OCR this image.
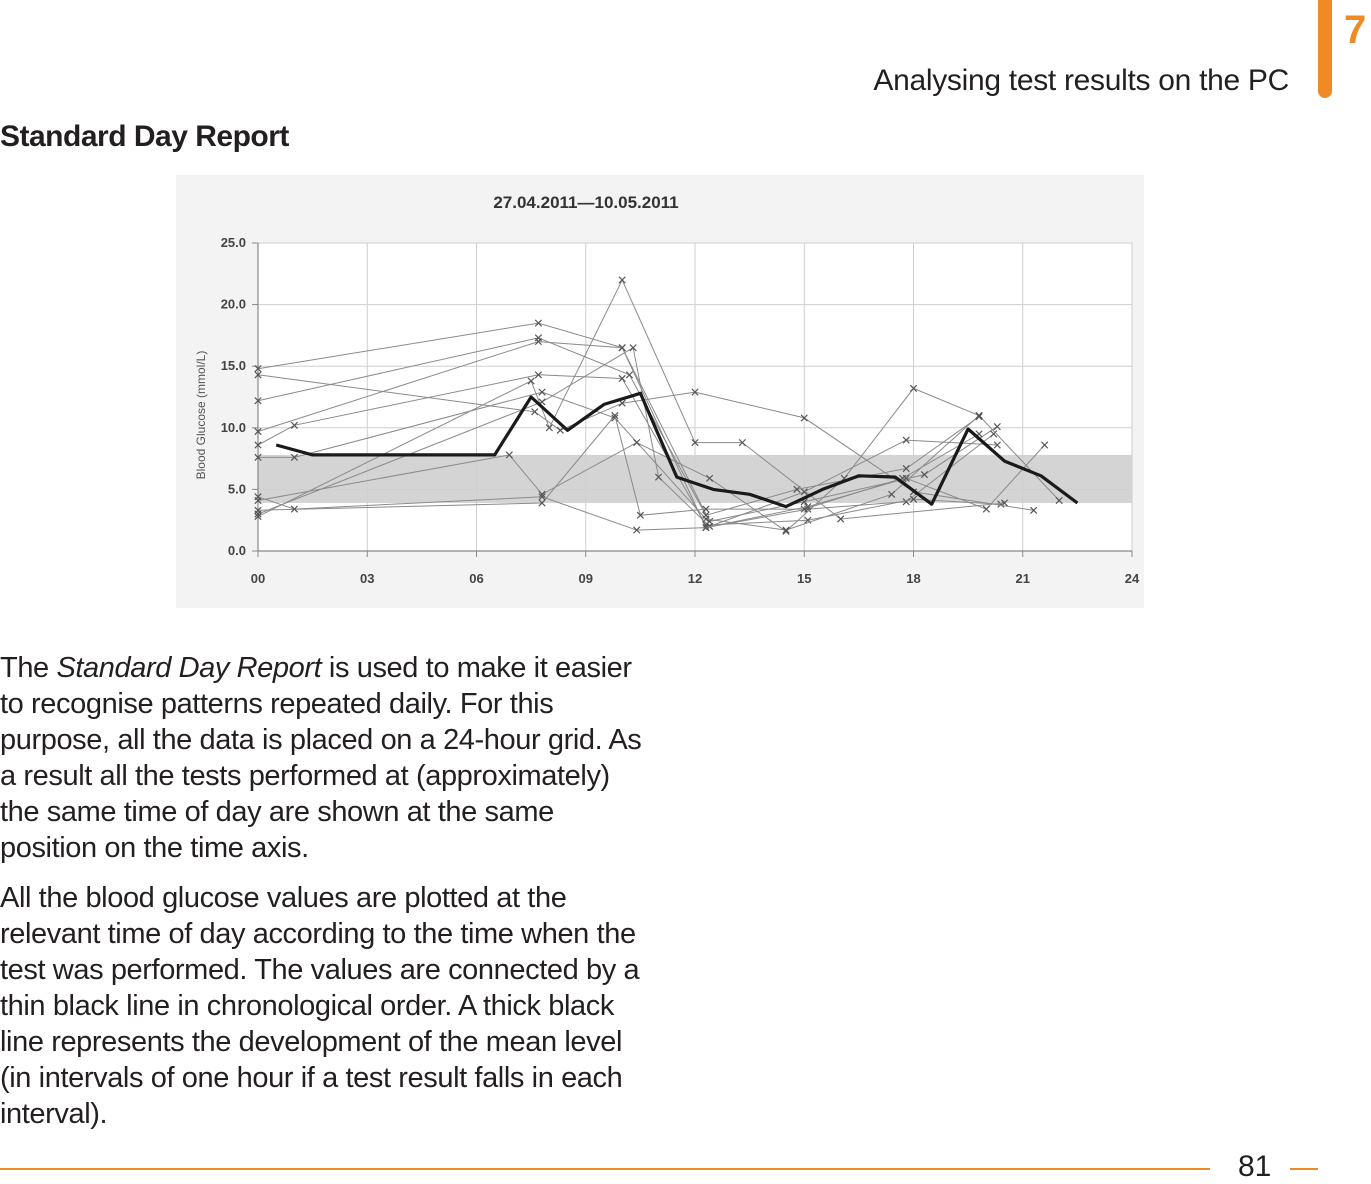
7
Analysing test results on the PC
Standard Day Report
00	03	06	09	12	15	18	21	24
0.0
5.0
10.0
15.0
20.0
25.0
27.04.2011—10.05.2011
Blood Glucose (mmol/L)

The Standard Day Report is used to make it easier to recognise patterns repeated daily. For this purpose, all the data is placed on a 24-hour grid. As a result all the tests performed at (approximately) the same time of day are shown at the same position on the time axis.

All the blood glucose values are plotted at the relevant time of day according to the time when the test was performed. The values are connected by a thin black line in chronological order. A thick black line represents the development of the mean level (in intervals of one hour if a test result falls in each interval).

81
